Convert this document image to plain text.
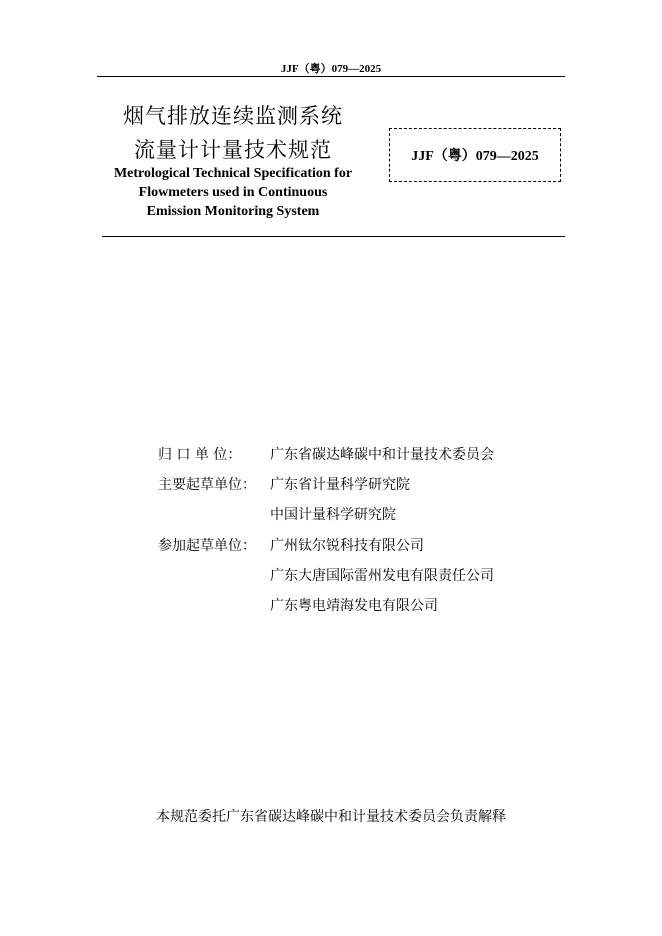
JJF（粤）079—2025
烟气排放连续监测系统
流量计计量技术规范
Metrological Technical Specification for
Flowmeters used in Continuous
Emission Monitoring System
JJF（粤）079—2025
归 口 单 位：	广东省碳达峰碳中和计量技术委员会
主要起草单位：	广东省计量科学研究院
中国计量科学研究院
参加起草单位：	广州钛尔锐科技有限公司
广东大唐国际雷州发电有限责任公司
广东粤电靖海发电有限公司
本规范委托广东省碳达峰碳中和计量技术委员会负责解释
